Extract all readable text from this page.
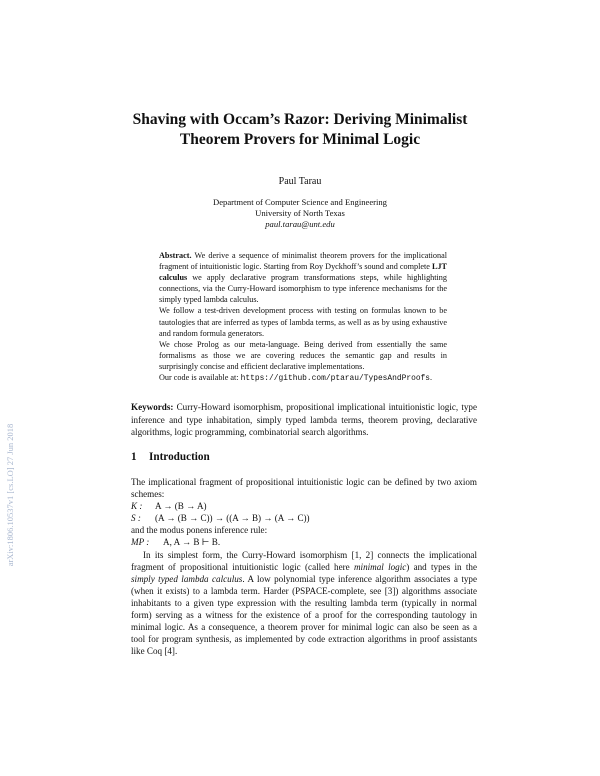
arXiv:1806.10537v1 [cs.LO] 27 Jun 2018
Shaving with Occam’s Razor: Deriving Minimalist
Theorem Provers for Minimal Logic
Paul Tarau
Department of Computer Science and Engineering
University of North Texas
paul.tarau@unt.edu

Abstract. We derive a sequence of minimalist theorem provers for the implicational fragment of intuitionistic logic. Starting from Roy Dyckhoff’s sound and complete LJT calculus we apply declarative program transformations steps, while highlighting connections, via the Curry-Howard isomorphism to type inference mechanisms for the simply typed lambda calculus.

We follow a test-driven development process with testing on formulas known to be tautologies that are inferred as types of lambda terms, as well as as by using exhaustive and random formula generators.

We chose Prolog as our meta-language. Being derived from essentially the same formalisms as those we are covering reduces the semantic gap and results in surprisingly concise and efficient declarative implementations.

Our code is available at: https://github.com/ptarau/TypesAndProofs.

Keywords: Curry-Howard isomorphism, propositional implicational intuitionistic logic, type inference and type inhabitation, simply typed lambda terms, theorem proving, declarative algorithms, logic programming, combinatorial search algorithms.
1 Introduction

The implicational fragment of propositional intuitionistic logic can be defined by two axiom schemes:

K : A → (B → A)
S : (A → (B → C)) → ((A → B) → (A → C))
and the modus ponens inference rule:
MP : A, A → B ⊢ B.

In its simplest form, the Curry-Howard isomorphism [1, 2] connects the implicational fragment of propositional intuitionistic logic (called here minimal logic) and types in the simply typed lambda calculus. A low polynomial type inference algorithm associates a type (when it exists) to a lambda term. Harder (PSPACE-complete, see [3]) algorithms associate inhabitants to a given type expression with the resulting lambda term (typically in normal form) serving as a witness for the existence of a proof for the corresponding tautology in minimal logic. As a consequence, a theorem prover for minimal logic can also be seen as a tool for program synthesis, as implemented by code extraction algorithms in proof assistants like Coq [4].
